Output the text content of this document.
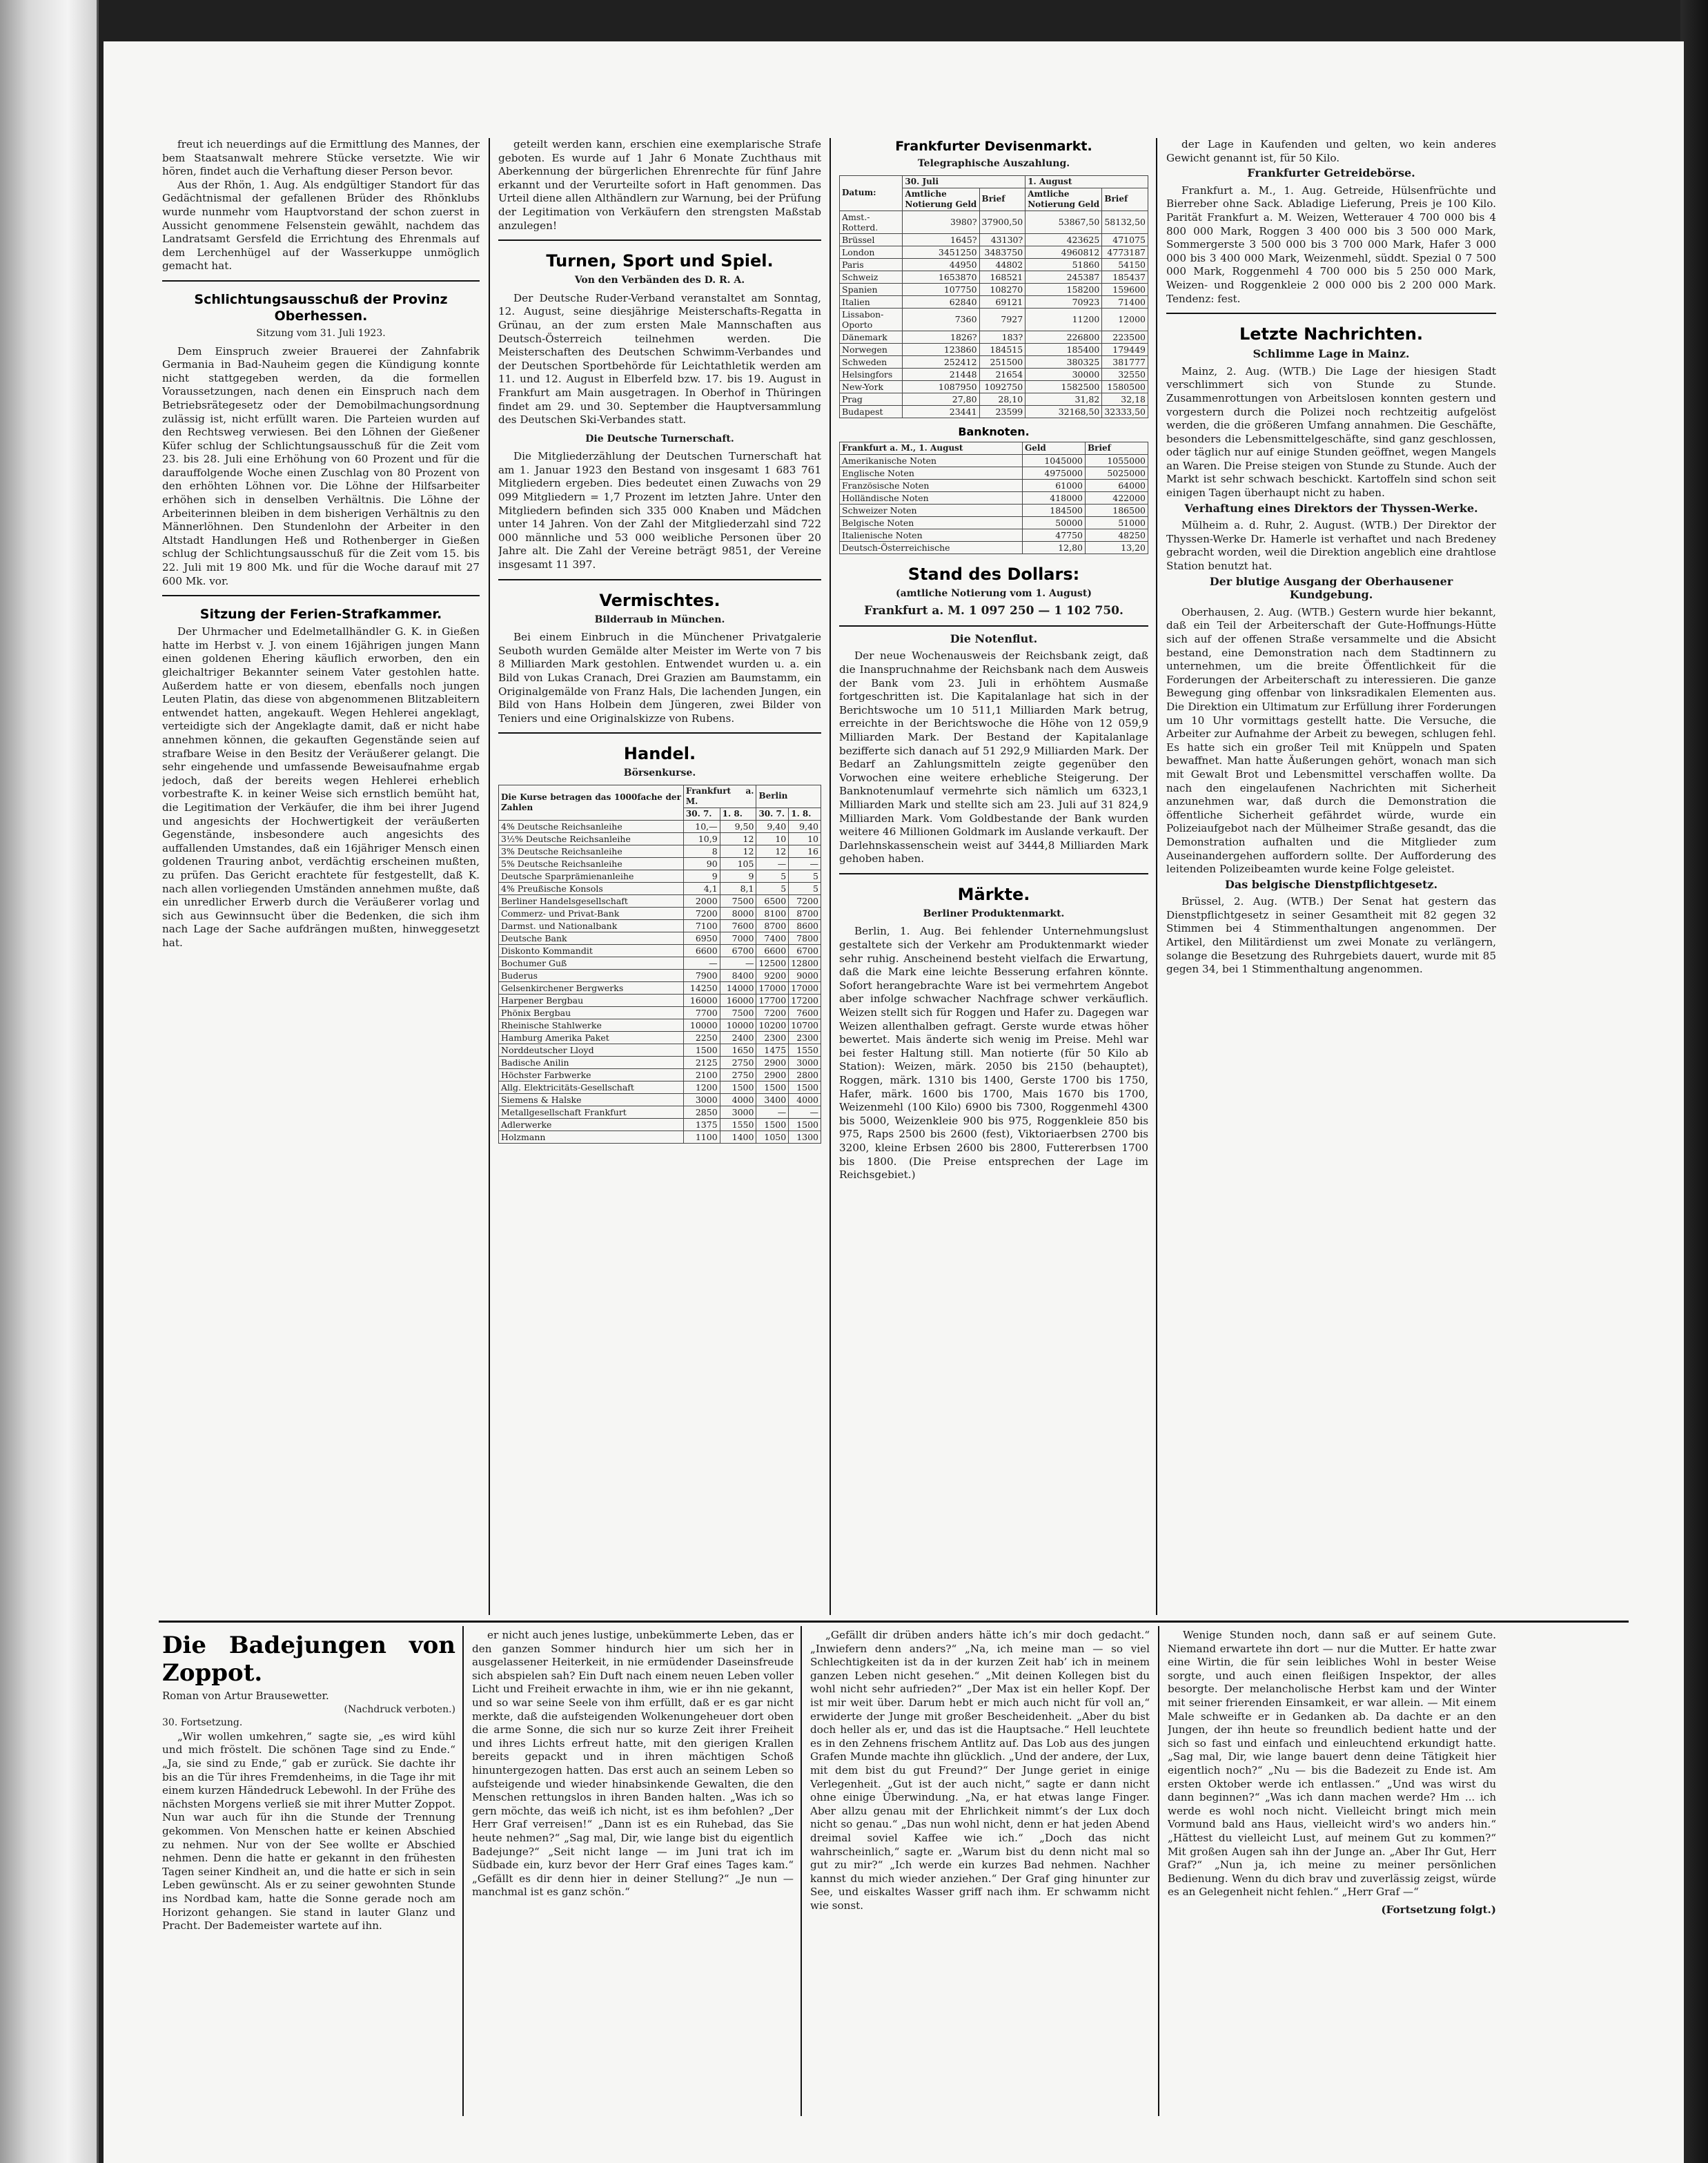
freut ich neuerdings auf die Ermittlung des Mannes, der bem Staatsanwalt mehrere Stücke versetzte. Wie wir hören, findet auch die Verhaftung dieser Person bevor.

Aus der Rhön, 1. Aug. Als endgültiger Standort für das Gedächtnismal der gefallenen Brüder des Rhönklubs wurde nunmehr vom Hauptvorstand der schon zuerst in Aussicht genommene Felsenstein gewählt, nachdem das Landratsamt Gersfeld die Errichtung des Ehrenmals auf dem Lerchenhügel auf der Wasserkuppe unmöglich gemacht hat.

Schlichtungsausschuß der Provinz Oberhessen.
Sitzung vom 31. Juli 1923.

Dem Einspruch zweier Brauerei der Zahnfabrik Germania in Bad-Nauheim gegen die Kündigung konnte nicht stattgegeben werden, da die formellen Voraussetzungen, nach denen ein Einspruch nach dem Betriebsrätegesetz oder der Demobilmachungsordnung zulässig ist, nicht erfüllt waren. Die Parteien wurden auf den Rechtsweg verwiesen. Bei den Löhnen der Gießener Küfer schlug der Schlichtungsausschuß für die Zeit vom 23. bis 28. Juli eine Erhöhung von 60 Prozent und für die darauffolgende Woche einen Zuschlag von 80 Prozent von den erhöhten Löhnen vor. Die Löhne der Hilfsarbeiter erhöhen sich in denselben Verhältnis. Die Löhne der Arbeiterinnen bleiben in dem bisherigen Verhältnis zu den Männerlöhnen. Den Stundenlohn der Arbeiter in den Altstadt Handlungen Heß und Rothenberger in Gießen schlug der Schlichtungsausschuß für die Zeit vom 15. bis 22. Juli mit 19 800 Mk. und für die Woche darauf mit 27 600 Mk. vor.

Sitzung der Ferien-Strafkammer.

Der Uhrmacher und Edelmetallhändler G. K. in Gießen hatte im Herbst v. J. von einem 16jährigen jungen Mann einen goldenen Ehering käuflich erworben, den ein gleichaltriger Bekannter seinem Vater gestohlen hatte. Außerdem hatte er von diesem, ebenfalls noch jungen Leuten Platin, das diese von abgenommenen Blitzableitern entwendet hatten, angekauft. Wegen Hehlerei angeklagt, verteidigte sich der Angeklagte damit, daß er nicht habe annehmen können, die gekauften Gegenstände seien auf strafbare Weise in den Besitz der Veräußerer gelangt. Die sehr eingehende und umfassende Beweisaufnahme ergab jedoch, daß der bereits wegen Hehlerei erheblich vorbestrafte K. in keiner Weise sich ernstlich bemüht hat, die Legitimation der Verkäufer, die ihm bei ihrer Jugend und angesichts der Hochwertigkeit der veräußerten Gegenstände, insbesondere auch angesichts des auffallenden Umstandes, daß ein 16jähriger Mensch einen goldenen Trauring anbot, verdächtig erscheinen mußten, zu prüfen. Das Gericht erachtete für festgestellt, daß K. nach allen vorliegenden Umständen annehmen mußte, daß ein unredlicher Erwerb durch die Veräußerer vorlag und sich aus Gewinnsucht über die Bedenken, die sich ihm nach Lage der Sache aufdrängen mußten, hinweggesetzt hat.

geteilt werden kann, erschien eine exemplarische Strafe geboten. Es wurde auf 1 Jahr 6 Monate Zuchthaus mit Aberkennung der bürgerlichen Ehrenrechte für fünf Jahre erkannt und der Verurteilte sofort in Haft genommen. Das Urteil diene allen Althändlern zur Warnung, bei der Prüfung der Legitimation von Verkäufern den strengsten Maßstab anzulegen!

Turnen, Sport und Spiel.
Von den Verbänden des D. R. A.

Der Deutsche Ruder-Verband veranstaltet am Sonntag, 12. August, seine diesjährige Meisterschafts-Regatta in Grünau, an der zum ersten Male Mannschaften aus Deutsch-Österreich teilnehmen werden. Die Meisterschaften des Deutschen Schwimm-Verbandes und der Deutschen Sportbehörde für Leichtathletik werden am 11. und 12. August in Elberfeld bzw. 17. bis 19. August in Frankfurt am Main ausgetragen. In Oberhof in Thüringen findet am 29. und 30. September die Hauptversammlung des Deutschen Ski-Verbandes statt.

Die Deutsche Turnerschaft.

Die Mitgliederzählung der Deutschen Turnerschaft hat am 1. Januar 1923 den Bestand von insgesamt 1 683 761 Mitgliedern ergeben. Dies bedeutet einen Zuwachs von 29 099 Mitgliedern = 1,7 Prozent im letzten Jahre. Unter den Mitgliedern befinden sich 335 000 Knaben und Mädchen unter 14 Jahren. Von der Zahl der Mitgliederzahl sind 722 000 männliche und 53 000 weibliche Personen über 20 Jahre alt. Die Zahl der Vereine beträgt 9851, der Vereine insgesamt 11 397.

Vermischtes.
Bilderraub in München.

Bei einem Einbruch in die Münchener Privatgalerie Seuboth wurden Gemälde alter Meister im Werte von 7 bis 8 Milliarden Mark gestohlen. Entwendet wurden u. a. ein Bild von Lukas Cranach, Drei Grazien am Baumstamm, ein Originalgemälde von Franz Hals, Die lachenden Jungen, ein Bild von Hans Holbein dem Jüngeren, zwei Bilder von Teniers und eine Originalskizze von Rubens.

Handel.
Börsenkurse.
Die Kurse betragen das 1000fache der Zahlen	Frankfurt a. M.		Berlin	
	30. 7.	1. 8.	30. 7.	1. 8.
4% Deutsche Reichsanleihe	10,—	9,50	9,40	9,40
3½% Deutsche Reichsanleihe	10,9	12	10	10
3% Deutsche Reichsanleihe	8	12	12	16
5% Deutsche Reichsanleihe	90	105	—	—
Deutsche Sparprämienanleihe	9	9	5	5
4% Preußische Konsols	4,1	8,1	5	5
Berliner Handelsgesellschaft	2000	7500	6500	7200
Commerz- und Privat-Bank	7200	8000	8100	8700
Darmst. und Nationalbank	7100	7600	8700	8600
Deutsche Bank	6950	7000	7400	7800
Diskonto Kommandit	6600	6700	6600	6700
Bochumer Guß	—	—	12500	12800
Buderus	7900	8400	9200	9000
Gelsenkirchener Bergwerks	14250	14000	17000	17000
Harpener Bergbau	16000	16000	17700	17200
Phönix Bergbau	7700	7500	7200	7600
Rheinische Stahlwerke	10000	10000	10200	10700
Hamburg Amerika Paket	2250	2400	2300	2300
Norddeutscher Lloyd	1500	1650	1475	1550
Badische Anilin	2125	2750	2900	3000
Höchster Farbwerke	2100	2750	2900	2800
Allg. Elektricitäts-Gesellschaft	1200	1500	1500	1500
Siemens & Halske	3000	4000	3400	4000
Metallgesellschaft Frankfurt	2850	3000	—	—
Adlerwerke	1375	1550	1500	1500
Holzmann	1100	1400	1050	1300
Frankfurter Devisenmarkt.
Telegraphische Auszahlung.
Datum:	30. Juli		1. August	
	Amtliche Notierung Geld	Brief	Amtliche Notierung Geld	Brief
Amst.-Rotterd.	3980?	37900,50	53867,50	58132,50
Brüssel	1645?	43130?	423625	471075
London	3451250	3483750	4960812	4773187
Paris	44950	44802	51860	54150
Schweiz	1653870	168521	245387	185437
Spanien	107750	108270	158200	159600
Italien	62840	69121	70923	71400
Lissabon-Oporto	7360	7927	11200	12000
Dänemark	1826?	183?	226800	223500
Norwegen	123860	184515	185400	179449
Schweden	252412	251500	380325	381777
Helsingfors	21448	21654	30000	32550
New-York	1087950	1092750	1582500	1580500
Prag	27,80	28,10	31,82	32,18
Budapest	23441	23599	32168,50	32333,50
Banknoten.
Frankfurt a. M., 1. August	Geld	Brief
Amerikanische Noten	1045000	1055000
Englische Noten	4975000	5025000
Französische Noten	61000	64000
Holländische Noten	418000	422000
Schweizer Noten	184500	186500
Belgische Noten	50000	51000
Italienische Noten	47750	48250
Deutsch-Österreichische	12,80	13,20
Stand des Dollars:
(amtliche Notierung vom 1. August)
Frankfurt a. M. 1 097 250 — 1 102 750.
Die Notenflut.

Der neue Wochenausweis der Reichsbank zeigt, daß die Inanspruchnahme der Reichsbank nach dem Ausweis der Bank vom 23. Juli in erhöhtem Ausmaße fortgeschritten ist. Die Kapitalanlage hat sich in der Berichtswoche um 10 511,1 Milliarden Mark betrug, erreichte in der Berichtswoche die Höhe von 12 059,9 Milliarden Mark. Der Bestand der Kapitalanlage bezifferte sich danach auf 51 292,9 Milliarden Mark. Der Bedarf an Zahlungsmitteln zeigte gegenüber den Vorwochen eine weitere erhebliche Steigerung. Der Banknotenumlauf vermehrte sich nämlich um 6323,1 Milliarden Mark und stellte sich am 23. Juli auf 31 824,9 Milliarden Mark. Vom Goldbestande der Bank wurden weitere 46 Millionen Goldmark im Auslande verkauft. Der Darlehnskassenschein weist auf 3444,8 Milliarden Mark gehoben haben.

Märkte.
Berliner Produktenmarkt.

Berlin, 1. Aug. Bei fehlender Unternehmungslust gestaltete sich der Verkehr am Produktenmarkt wieder sehr ruhig. Anscheinend besteht vielfach die Erwartung, daß die Mark eine leichte Besserung erfahren könnte. Sofort herangebrachte Ware ist bei vermehrtem Angebot aber infolge schwacher Nachfrage schwer verkäuflich. Weizen stellt sich für Roggen und Hafer zu. Dagegen war Weizen allenthalben gefragt. Gerste wurde etwas höher bewertet. Mais änderte sich wenig im Preise. Mehl war bei fester Haltung still. Man notierte (für 50 Kilo ab Station): Weizen, märk. 2050 bis 2150 (behauptet), Roggen, märk. 1310 bis 1400, Gerste 1700 bis 1750, Hafer, märk. 1600 bis 1700, Mais 1670 bis 1700, Weizenmehl (100 Kilo) 6900 bis 7300, Roggenmehl 4300 bis 5000, Weizenkleie 900 bis 975, Roggenkleie 850 bis 975, Raps 2500 bis 2600 (fest), Viktoriaerbsen 2700 bis 3200, kleine Erbsen 2600 bis 2800, Futtererbsen 1700 bis 1800. (Die Preise entsprechen der Lage im Reichsgebiet.)

der Lage in Kaufenden und gelten, wo kein anderes Gewicht genannt ist, für 50 Kilo.

Frankfurter Getreidebörse.

Frankfurt a. M., 1. Aug. Getreide, Hülsenfrüchte und Bierreber ohne Sack. Abladige Lieferung, Preis je 100 Kilo. Parität Frankfurt a. M. Weizen, Wetterauer 4 700 000 bis 4 800 000 Mark, Roggen 3 400 000 bis 3 500 000 Mark, Sommergerste 3 500 000 bis 3 700 000 Mark, Hafer 3 000 000 bis 3 400 000 Mark, Weizenmehl, süddt. Spezial 0 7 500 000 Mark, Roggenmehl 4 700 000 bis 5 250 000 Mark, Weizen- und Roggenkleie 2 000 000 bis 2 200 000 Mark. Tendenz: fest.

Letzte Nachrichten.
Schlimme Lage in Mainz.

Mainz, 2. Aug. (WTB.) Die Lage der hiesigen Stadt verschlimmert sich von Stunde zu Stunde. Zusammenrottungen von Arbeitslosen konnten gestern und vorgestern durch die Polizei noch rechtzeitig aufgelöst werden, die die größeren Umfang annahmen. Die Geschäfte, besonders die Lebensmittelgeschäfte, sind ganz geschlossen, oder täglich nur auf einige Stunden geöffnet, wegen Mangels an Waren. Die Preise steigen von Stunde zu Stunde. Auch der Markt ist sehr schwach beschickt. Kartoffeln sind schon seit einigen Tagen überhaupt nicht zu haben.

Verhaftung eines Direktors der Thyssen-Werke.

Mülheim a. d. Ruhr, 2. August. (WTB.) Der Direktor der Thyssen-Werke Dr. Hamerle ist verhaftet und nach Bredeney gebracht worden, weil die Direktion angeblich eine drahtlose Station benutzt hat.

Der blutige Ausgang der Oberhausener Kundgebung.

Oberhausen, 2. Aug. (WTB.) Gestern wurde hier bekannt, daß ein Teil der Arbeiterschaft der Gute-Hoffnungs-Hütte sich auf der offenen Straße versammelte und die Absicht bestand, eine Demonstration nach dem Stadtinnern zu unternehmen, um die breite Öffentlichkeit für die Forderungen der Arbeiterschaft zu interessieren. Die ganze Bewegung ging offenbar von linksradikalen Elementen aus. Die Direktion ein Ultimatum zur Erfüllung ihrer Forderungen um 10 Uhr vormittags gestellt hatte. Die Versuche, die Arbeiter zur Aufnahme der Arbeit zu bewegen, schlugen fehl. Es hatte sich ein großer Teil mit Knüppeln und Spaten bewaffnet. Man hatte Äußerungen gehört, wonach man sich mit Gewalt Brot und Lebensmittel verschaffen wollte. Da nach den eingelaufenen Nachrichten mit Sicherheit anzunehmen war, daß durch die Demonstration die öffentliche Sicherheit gefährdet würde, wurde ein Polizeiaufgebot nach der Mülheimer Straße gesandt, das die Demonstration aufhalten und die Mitglieder zum Auseinandergehen auffordern sollte. Der Aufforderung des leitenden Polizeibeamten wurde keine Folge geleistet.

Das belgische Dienstpflichtgesetz.

Brüssel, 2. Aug. (WTB.) Der Senat hat gestern das Dienstpflichtgesetz in seiner Gesamtheit mit 82 gegen 32 Stimmen bei 4 Stimmenthaltungen angenommen. Der Artikel, den Militärdienst um zwei Monate zu verlängern, solange die Besetzung des Ruhrgebiets dauert, wurde mit 85 gegen 34, bei 1 Stimmenthaltung angenommen.

Die Badejungen von Zoppot.
Roman von Artur Brausewetter.
(Nachdruck verboten.)
30. Fortsetzung.

„Wir wollen umkehren,“ sagte sie, „es wird kühl und mich fröstelt. Die schönen Tage sind zu Ende.“ „Ja, sie sind zu Ende,“ gab er zurück. Sie dachte ihr bis an die Tür ihres Fremdenheims, in die Tage ihr mit einem kurzen Händedruck Lebewohl. In der Frühe des nächsten Morgens verließ sie mit ihrer Mutter Zoppot. Nun war auch für ihn die Stunde der Trennung gekommen. Von Menschen hatte er keinen Abschied zu nehmen. Nur von der See wollte er Abschied nehmen. Denn die hatte er gekannt in den frühesten Tagen seiner Kindheit an, und die hatte er sich in sein Leben gewünscht. Als er zu seiner gewohnten Stunde ins Nordbad kam, hatte die Sonne gerade noch am Horizont gehangen. Sie stand in lauter Glanz und Pracht. Der Bademeister wartete auf ihn.

er nicht auch jenes lustige, unbekümmerte Leben, das er den ganzen Sommer hindurch hier um sich her in ausgelassener Heiterkeit, in nie ermüdender Daseinsfreude sich abspielen sah? Ein Duft nach einem neuen Leben voller Licht und Freiheit erwachte in ihm, wie er ihn nie gekannt, und so war seine Seele von ihm erfüllt, daß er es gar nicht merkte, daß die aufsteigenden Wolkenungeheuer dort oben die arme Sonne, die sich nur so kurze Zeit ihrer Freiheit und ihres Lichts erfreut hatte, mit den gierigen Krallen bereits gepackt und in ihren mächtigen Schoß hinuntergezogen hatten. Das erst auch an seinem Leben so aufsteigende und wieder hinabsinkende Gewalten, die den Menschen rettungslos in ihren Banden halten. „Was ich so gern möchte, das weiß ich nicht, ist es ihm befohlen? „Der Herr Graf verreisen!“ „Dann ist es ein Ruhebad, das Sie heute nehmen?“ „Sag mal, Dir, wie lange bist du eigentlich Badejunge?“ „Seit nicht lange — im Juni trat ich im Südbade ein, kurz bevor der Herr Graf eines Tages kam.“ „Gefällt es dir denn hier in deiner Stellung?“ „Je nun — manchmal ist es ganz schön.“

„Gefällt dir drüben anders hätte ich’s mir doch gedacht.“ „Inwiefern denn anders?“ „Na, ich meine man — so viel Schlechtigkeiten ist da in der kurzen Zeit hab’ ich in meinem ganzen Leben nicht gesehen.“ „Mit deinen Kollegen bist du wohl nicht sehr aufrieden?“ „Der Max ist ein heller Kopf. Der ist mir weit über. Darum hebt er mich auch nicht für voll an,“ erwiderte der Junge mit großer Bescheidenheit. „Aber du bist doch heller als er, und das ist die Hauptsache.“ Hell leuchtete es in den Zehnens frischem Antlitz auf. Das Lob aus des jungen Grafen Munde machte ihn glücklich. „Und der andere, der Lux, mit dem bist du gut Freund?“ Der Junge geriet in einige Verlegenheit. „Gut ist der auch nicht,“ sagte er dann nicht ohne einige Überwindung. „Na, er hat etwas lange Finger. Aber allzu genau mit der Ehrlichkeit nimmt’s der Lux doch nicht so genau.“ „Das nun wohl nicht, denn er hat jeden Abend dreimal soviel Kaffee wie ich.“ „Doch das nicht wahrscheinlich,“ sagte er. „Warum bist du denn nicht mal so gut zu mir?“ „Ich werde ein kurzes Bad nehmen. Nachher kannst du mich wieder anziehen.“ Der Graf ging hinunter zur See, und eiskaltes Wasser griff nach ihm. Er schwamm nicht wie sonst.

Wenige Stunden noch, dann saß er auf seinem Gute. Niemand erwartete ihn dort — nur die Mutter. Er hatte zwar eine Wirtin, die für sein leibliches Wohl in bester Weise sorgte, und auch einen fleißigen Inspektor, der alles besorgte. Der melancholische Herbst kam und der Winter mit seiner frierenden Einsamkeit, er war allein. — Mit einem Male schweifte er in Gedanken ab. Da dachte er an den Jungen, der ihn heute so freundlich bedient hatte und der sich so fast und einfach und einleuchtend erkundigt hatte. „Sag mal, Dir, wie lange bauert denn deine Tätigkeit hier eigentlich noch?“ „Nu — bis die Badezeit zu Ende ist. Am ersten Oktober werde ich entlassen.“ „Und was wirst du dann beginnen?“ „Was ich dann machen werde? Hm ... ich werde es wohl noch nicht. Vielleicht bringt mich mein Vormund bald ans Haus, vielleicht wird's wo anders hin.“ „Hättest du vielleicht Lust, auf meinem Gut zu kommen?“ Mit großen Augen sah ihn der Junge an. „Aber Ihr Gut, Herr Graf?“ „Nun ja, ich meine zu meiner persönlichen Bedienung. Wenn du dich brav und zuverlässig zeigst, würde es an Gelegenheit nicht fehlen.“ „Herr Graf —“

(Fortsetzung folgt.)
